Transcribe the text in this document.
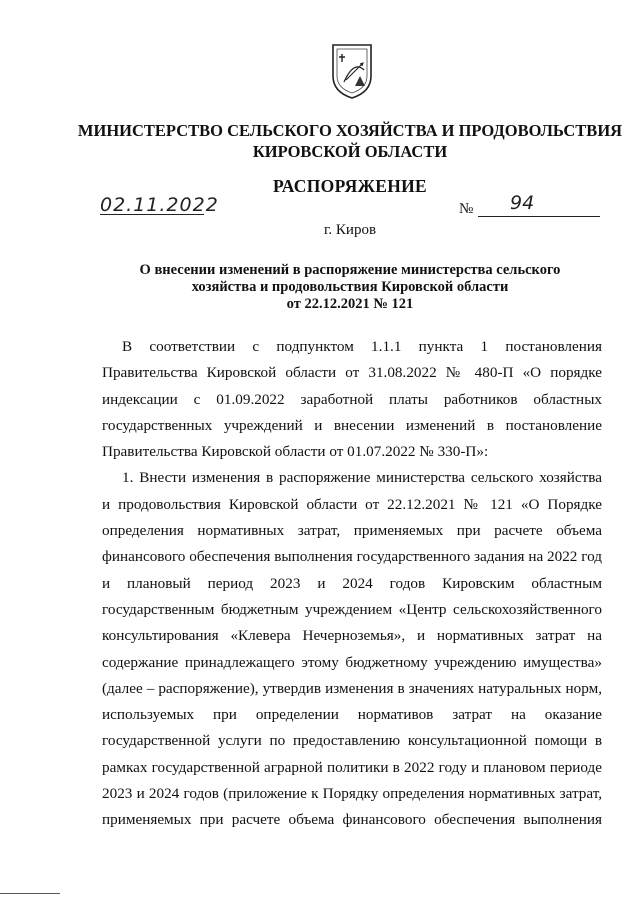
МИНИСТЕРСТВО СЕЛЬСКОГО ХОЗЯЙСТВА И ПРОДОВОЛЬСТВИЯ
КИРОВСКОЙ ОБЛАСТИ
РАСПОРЯЖЕНИЕ
02.11.2022	№ 94
г. Киров
О внесении изменений в распоряжение министерства сельского
хозяйства и продовольствия Кировской области
от 22.12.2021 № 121
В соответствии с подпунктом 1.1.1 пункта 1 постановления
Правительства Кировской области от 31.08.2022 № 480-П «О порядке
индексации с 01.09.2022 заработной платы работников областных
государственных учреждений и внесении изменений в постановление
Правительства Кировской области от 01.07.2022 № 330-П»:
1. Внести изменения в распоряжение министерства сельского хозяйства
и продовольствия Кировской области от 22.12.2021 № 121 «О Порядке
определения нормативных затрат, применяемых при расчете объема
финансового обеспечения выполнения государственного задания на 2022 год
и плановый период 2023 и 2024 годов Кировским областным
государственным бюджетным учреждением «Центр сельскохозяйственного
консультирования «Клевера Нечерноземья», и нормативных затрат на
содержание принадлежащего этому бюджетному учреждению имущества»
(далее – распоряжение), утвердив изменения в значениях натуральных норм,
используемых при определении нормативов затрат на оказание
государственной услуги по предоставлению консультационной помощи в
рамках государственной аграрной политики в 2022 году и плановом периоде
2023 и 2024 годов (приложение к Порядку определения нормативных затрат,
применяемых при расчете объема финансового обеспечения выполнения
